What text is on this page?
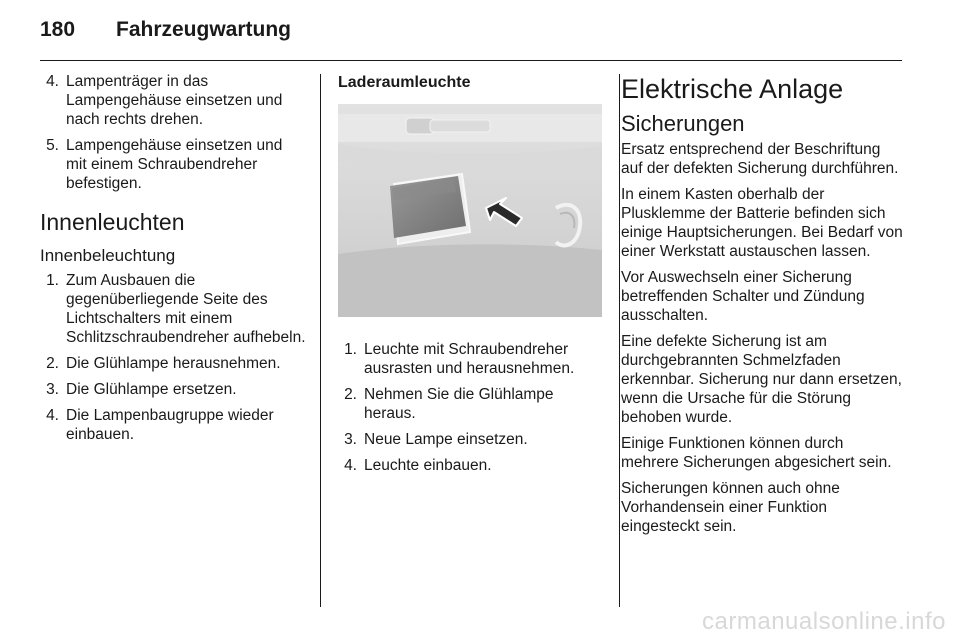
180	Fahrzeugwartung
4. Lampenträger in das Lampengehäuse einsetzen und nach rechts drehen.
5. Lampengehäuse einsetzen und mit einem Schraubendreher befestigen.
Innenleuchten
Innenbeleuchtung
1. Zum Ausbauen die gegenüberliegende Seite des Lichtschalters mit einem Schlitzschraubendreher aufhebeln.
2. Die Glühlampe herausnehmen.
3. Die Glühlampe ersetzen.
4. Die Lampenbaugruppe wieder einbauen.
Laderaumleuchte
1. Leuchte mit Schraubendreher ausrasten und herausnehmen.
2. Nehmen Sie die Glühlampe heraus.
3. Neue Lampe einsetzen.
4. Leuchte einbauen.
Elektrische Anlage
Sicherungen

Ersatz entsprechend der Beschriftung auf der defekten Sicherung durchführen.

In einem Kasten oberhalb der Plusklemme der Batterie befinden sich einige Hauptsicherungen. Bei Bedarf von einer Werkstatt austauschen lassen.

Vor Auswechseln einer Sicherung betreffenden Schalter und Zündung ausschalten.

Eine defekte Sicherung ist am durchgebrannten Schmelzfaden erkennbar. Sicherung nur dann ersetzen, wenn die Ursache für die Störung behoben wurde.

Einige Funktionen können durch mehrere Sicherungen abgesichert sein.

Sicherungen können auch ohne Vorhandensein einer Funktion eingesteckt sein.

carmanualsonline.info
